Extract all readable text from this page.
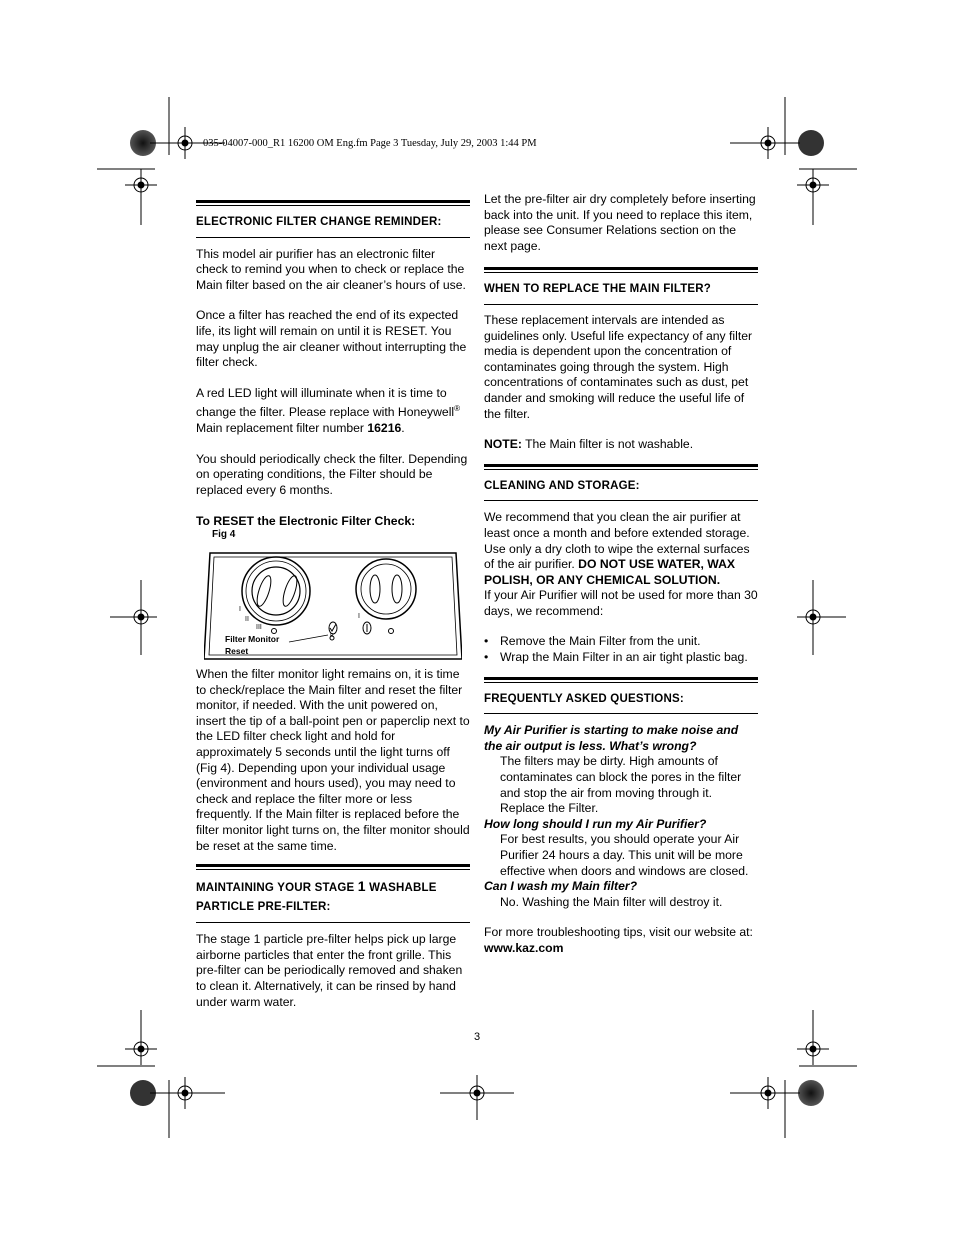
035-04007-000_R1 16200 OM Eng.fm Page 3 Tuesday, July 29, 2003 1:44 PM

ELECTRONIC FILTER CHANGE REMINDER:

This model air purifier has an electronic filter check to remind you when to check or replace the Main filter based on the air cleaner’s hours of use.

Once a filter has reached the end of its expected life, its light will remain on until it is RESET. You may unplug the air cleaner without interrupting the filter check.

A red LED light will illuminate when it is time to change the filter. Please replace with Honeywell® Main replacement filter number 16216.

You should periodically check the filter. Depending on operating conditions, the Filter should be replaced every 6 months.

To RESET the Electronic Filter Check:

Fig 4
I
II
III
I
R
Filter Monitor
Reset

When the filter monitor light remains on, it is time to check/replace the Main filter and reset the filter monitor, if needed. With the unit powered on, insert the tip of a ball-point pen or paperclip next to the LED filter check light and hold for approximately 5 seconds until the light turns off (Fig 4). Depending upon your individual usage (environment and hours used), you may need to check and replace the filter more or less frequently. If the Main filter is replaced before the filter monitor light turns on, the filter monitor should be reset at the same time.

MAINTAINING YOUR STAGE 1 WASHABLE PARTICLE PRE-FILTER:

The stage 1 particle pre-filter helps pick up large airborne particles that enter the front grille. This pre-filter can be periodically removed and shaken to clean it. Alternatively, it can be rinsed by hand under warm water.

Let the pre-filter air dry completely before inserting back into the unit. If you need to replace this item, please see Consumer Relations section on the next page.

WHEN TO REPLACE THE MAIN FILTER?

These replacement intervals are intended as guidelines only. Useful life expectancy of any filter media is dependent upon the concentration of contaminates going through the system. High concentrations of contaminates such as dust, pet dander and smoking will reduce the useful life of the filter.

NOTE: The Main filter is not washable.

CLEANING AND STORAGE:

We recommend that you clean the air purifier at least once a month and before extended storage. Use only a dry cloth to wipe the external surfaces of the air purifier. DO NOT USE WATER, WAX POLISH, OR ANY CHEMICAL SOLUTION.

If your Air Purifier will not be used for more than 30 days, we recommend:

• Remove the Main Filter from the unit.
• Wrap the Main Filter in an air tight plastic bag.

FREQUENTLY ASKED QUESTIONS:

My Air Purifier is starting to make noise and the air output is less. What’s wrong?

The filters may be dirty. High amounts of contaminates can block the pores in the filter and stop the air from moving through it. Replace the Filter.

How long should I run my Air Purifier?

For best results, you should operate your Air Purifier 24 hours a day. This unit will be more effective when doors and windows are closed.

Can I wash my Main filter?

No. Washing the Main filter will destroy it.

For more troubleshooting tips, visit our website at:

www.kaz.com

3
